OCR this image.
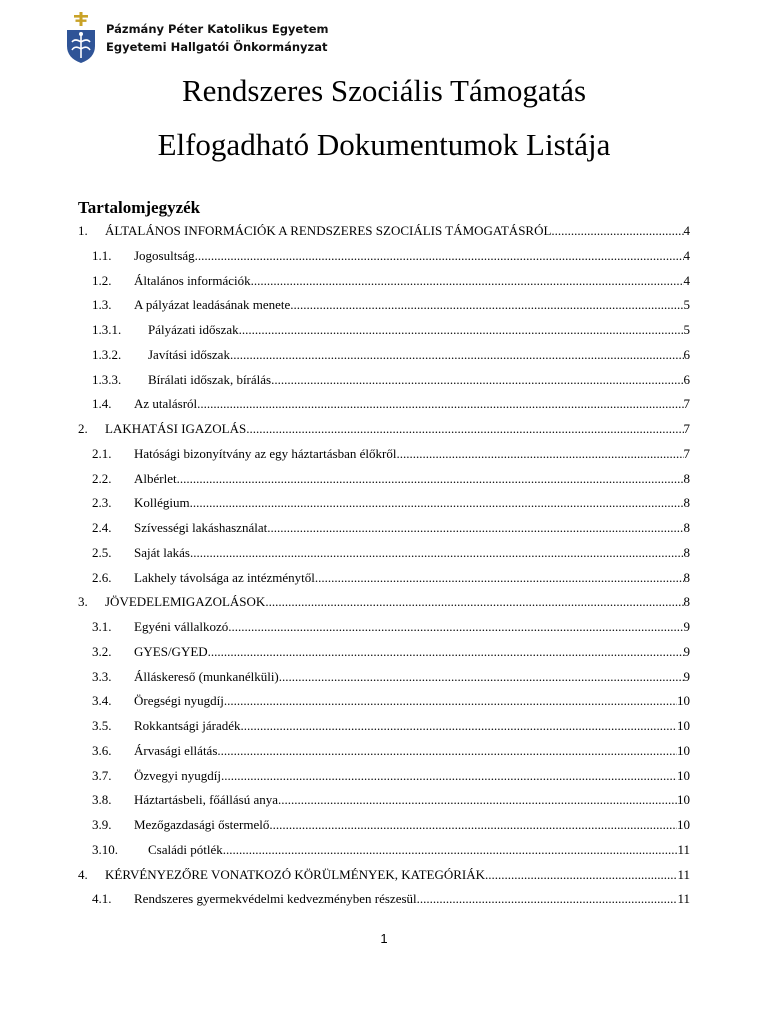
Pázmány Péter Katolikus Egyetem
Egyetemi Hallgatói Önkormányzat
Rendszeres Szociális Támogatás
Elfogadható Dokumentumok Listája
Tartalomjegyzék
1. ÁLTALÁNOS INFORMÁCIÓK A RENDSZERES SZOCIÁLIS TÁMOGATÁSRÓL .....	4
1.1. Jogosultság .....	4
1.2. Általános információk .....	4
1.3. A pályázat leadásának menete .....	5
1.3.1. Pályázati időszak .....	5
1.3.2. Javítási időszak .....	6
1.3.3. Bírálati időszak, bírálás .....	6
1.4. Az utalásról .....	7
2. LAKHATÁSI IGAZOLÁS .....	7
2.1. Hatósági bizonyítvány az egy háztartásban élőkről .....	7
2.2. Albérlet .....	8
2.3. Kollégium .....	8
2.4. Szívességi lakáshasználat .....	8
2.5. Saját lakás .....	8
2.6. Lakhely távolsága az intézménytől .....	8
3. JÖVEDELEMIGAZOLÁSOK .....	8
3.1. Egyéni vállalkozó .....	9
3.2. GYES/GYED .....	9
3.3. Álláskereső (munkanélküli) .....	9
3.4. Öregségi nyugdíj .....	10
3.5. Rokkantsági járadék .....	10
3.6. Árvasági ellátás .....	10
3.7. Özvegyi nyugdíj .....	10
3.8. Háztartásbeli, főállású anya .....	10
3.9. Mezőgazdasági őstermelő .....	10
3.10. Családi pótlék .....	11
4. KÉRVÉNYEZŐRE VONATKOZÓ KÖRÜLMÉNYEK, KATEGÓRIÁK .....	11
4.1. Rendszeres gyermekvédelmi kedvezményben részesül .....	11
1
